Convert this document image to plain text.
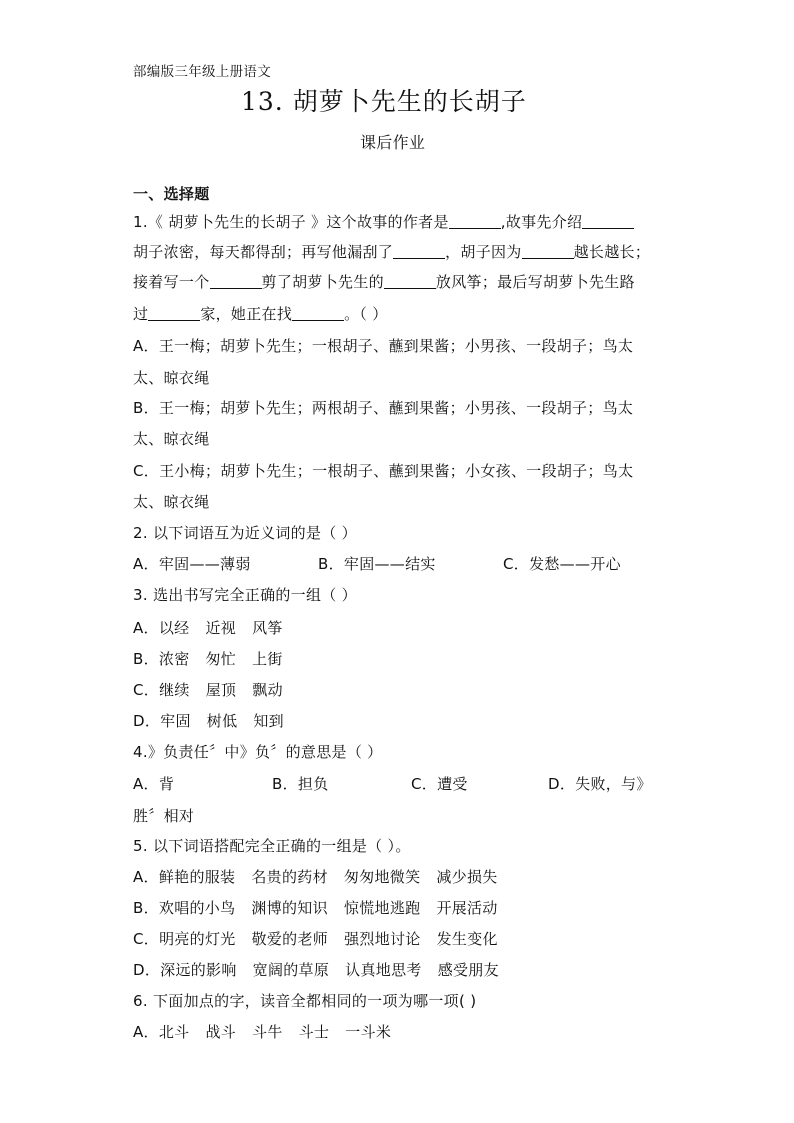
部编版三年级上册语文
13. 胡萝卜先生的长胡子
课后作业
一、选择题
1.《 胡萝卜先生的长胡子 》这个故事的作者是	,故事先介绍
胡子浓密，每天都得刮；再写他漏刮了	，胡子因为	越长越长；
接着写一个	剪了胡萝卜先生的	放风筝；最后写胡萝卜先生路
过	家，她正在找	。（ ）
A．王一梅；胡萝卜先生；一根胡子、蘸到果酱；小男孩、一段胡子；鸟太
太、晾衣绳
B．王一梅；胡萝卜先生；两根胡子、蘸到果酱；小男孩、一段胡子；鸟太
太、晾衣绳
C．王小梅；胡萝卜先生；一根胡子、蘸到果酱；小女孩、一段胡子；鸟太
太、晾衣绳
2. 以下词语互为近义词的是（ ）
A．牢固——薄弱	B．牢固——结实	C．发愁——开心
3. 选出书写完全正确的一组（ ）
A．以经 近视 风筝
B．浓密 匆忙 上街
C．继续 屋顶 飘动
D．牢固 树低 知到
4.》负责任〞中》负〞的意思是（ ）
A．背	B．担负	C．遭受	D．失败，与》
胜〞相对
5. 以下词语搭配完全正确的一组是（ ）。
A．鲜艳的服装 名贵的药材 匆匆地微笑 减少损失
B．欢唱的小鸟 渊博的知识 惊慌地逃跑 开展活动
C．明亮的灯光 敬爱的老师 强烈地讨论 发生变化
D．深远的影响 宽阔的草原 认真地思考 感受朋友
6. 下面加点的字，读音全都相同的一项为哪一项( )
A．北斗 战斗 斗牛 斗士 一斗米
